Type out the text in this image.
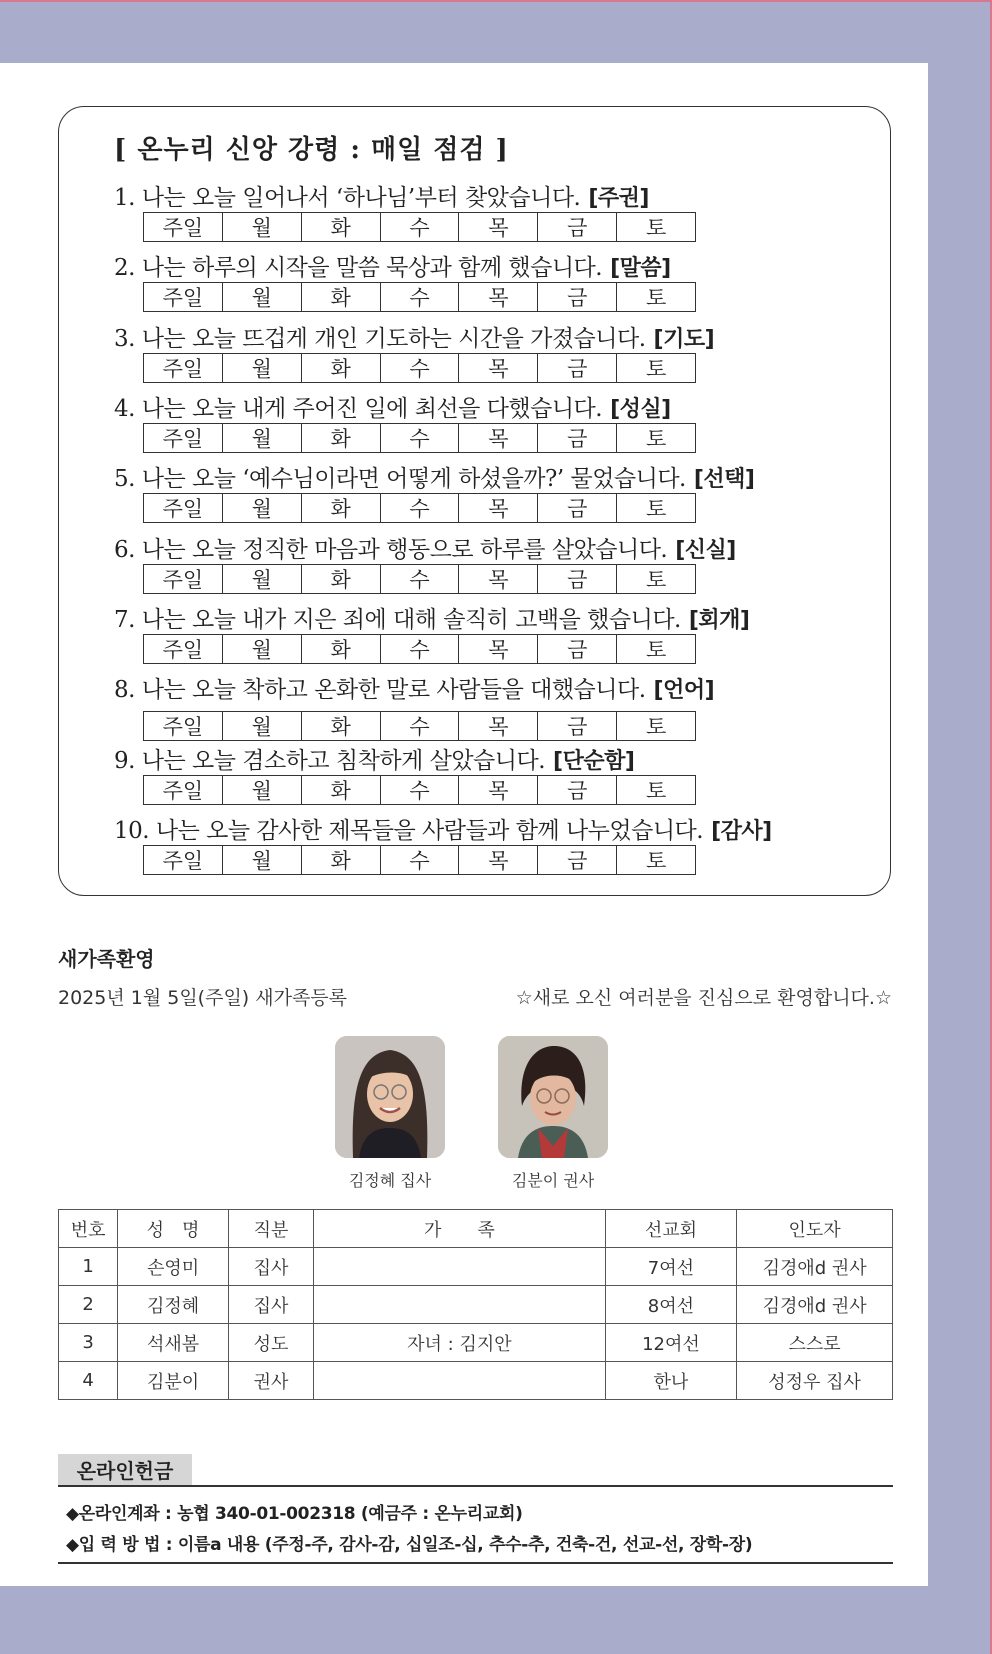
[ 온누리 신앙 강령 : 매일 점검 ]
1. 나는 오늘 일어나서 ‘하나님’부터 찾았습니다. [주권]
주일	월	화	수	목	금	토
2. 나는 하루의 시작을 말씀 묵상과 함께 했습니다. [말씀]
주일	월	화	수	목	금	토
3. 나는 오늘 뜨겁게 개인 기도하는 시간을 가졌습니다. [기도]
주일	월	화	수	목	금	토
4. 나는 오늘 내게 주어진 일에 최선을 다했습니다. [성실]
주일	월	화	수	목	금	토
5. 나는 오늘 ‘예수님이라면 어떻게 하셨을까?’ 물었습니다. [선택]
주일	월	화	수	목	금	토
6. 나는 오늘 정직한 마음과 행동으로 하루를 살았습니다. [신실]
주일	월	화	수	목	금	토
7. 나는 오늘 내가 지은 죄에 대해 솔직히 고백을 했습니다. [회개]
주일	월	화	수	목	금	토
8. 나는 오늘 착하고 온화한 말로 사람들을 대했습니다. [언어]
주일	월	화	수	목	금	토
9. 나는 오늘 겸소하고 침착하게 살았습니다. [단순함]
주일	월	화	수	목	금	토
10. 나는 오늘 감사한 제목들을 사람들과 함께 나누었습니다. [감사]
주일	월	화	수	목	금	토
새가족환영
2025년 1월 5일(주일) 새가족등록	☆새로 오신 여러분을 진심으로 환영합니다.☆
김정혜 집사	김분이 권사
번호	성　명	직분	가　　족	선교회	인도자
1	손영미	집사		7여선	김경애d 권사
2	김정혜	집사		8여선	김경애d 권사
3	석새봄	성도	자녀 : 김지안	12여선	스스로
4	김분이	권사		한나	성정우 집사
온라인헌금
◆온라인계좌 : 농협 340-01-002318 (예금주 : 온누리교회)
◆입 력 방 법 : 이름a 내용 (주정-주, 감사-감, 십일조-십, 추수-추, 건축-건, 선교-선, 장학-장)
